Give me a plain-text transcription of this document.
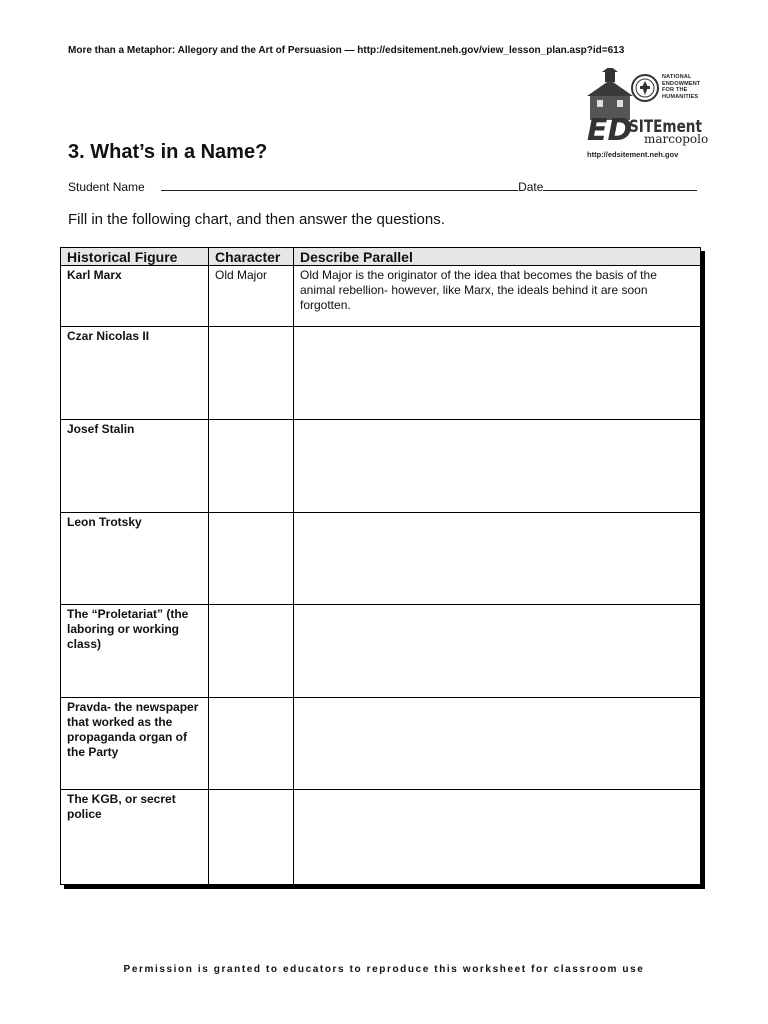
More than a Metaphor: Allegory and the Art of Persuasion — http://edsitement.neh.gov/view_lesson_plan.asp?id=613
ED
SITEment
NATIONAL
ENDOWMENT
FOR THE
HUMANITIES
marcopolo
http://edsitement.neh.gov
3. What’s in a Name?
Student Name	Date
Fill in the following chart, and then answer the questions.
Historical Figure	Character	Describe Parallel
Karl Marx	Old Major	Old Major is the originator of the idea that becomes the basis of the animal rebellion- however, like Marx, the ideals behind it are soon forgotten.
Czar Nicolas II		
Josef Stalin		
Leon Trotsky		
The “Proletariat” (the laboring or working class)		
Pravda- the newspaper that worked as the propaganda organ of the Party		
The KGB, or secret police		
Permission is granted to educators to reproduce this worksheet for classroom use
